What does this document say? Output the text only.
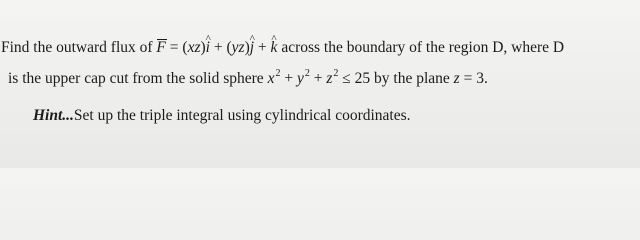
Find the outward flux of F = (xz)^ i + (yz)^ j + ^ k across the boundary of the region D, where D
is the upper cap cut from the solid sphere $x^2 + y^2 + z^2 \le 25$ by the plane z = 3.
Hint...Set up the triple integral using cylindrical coordinates.
